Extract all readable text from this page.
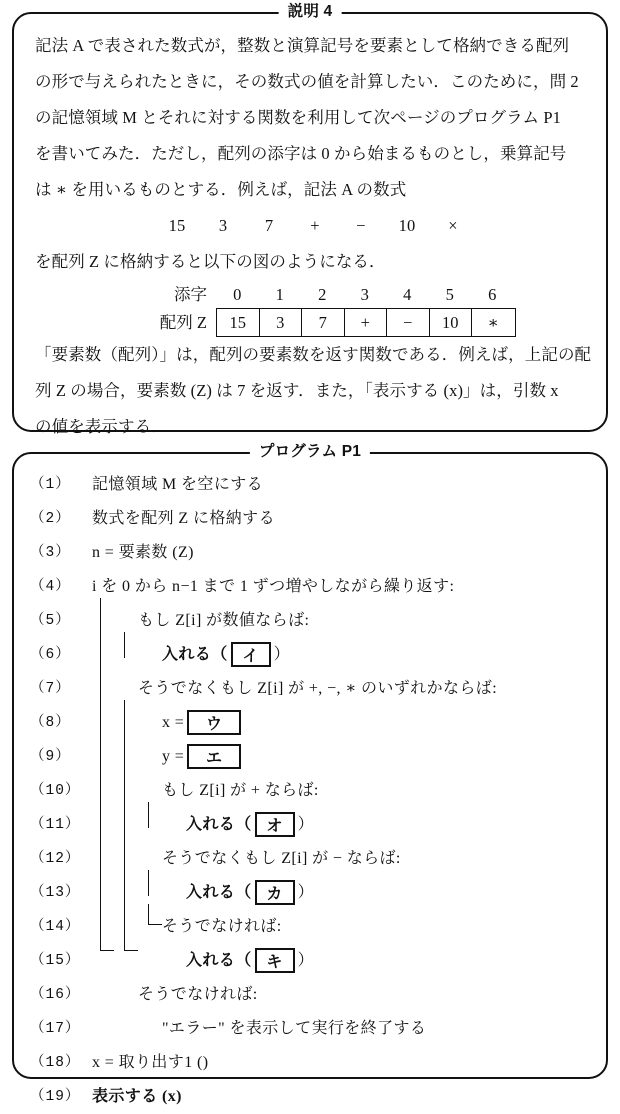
説明 4
記法 A で表された数式が，整数と演算記号を要素として格納できる配列
の形で与えられたときに，その数式の値を計算したい．このために，問 2
の記憶領域 M とそれに対する関数を利用して次ページのプログラム P1
を書いてみた．ただし，配列の添字は 0 から始まるものとし，乗算記号
は ∗ を用いるものとする．例えば，記法 A の数式
15 3 7 + − 10 ×
を配列 Z に格納すると以下の図のようになる．
添字	0	1	2	3	4	5	6
配列 Z	15	3	7	+	−	10	∗
「要素数（配列）」は，配列の要素数を返す関数である．例えば，上記の配
列 Z の場合，要素数 (Z) は 7 を返す．また，「表示する (x)」は，引数 x
の値を表示する．
プログラム P1
（1）	記憶領域 M を空にする
（2）	数式を配列 Z に格納する
（3）	n = 要素数 (Z)
（4）	i を 0 から n−1 まで 1 ずつ増やしながら繰り返す:
（5）	もし Z[i] が数値ならば:
（6）	入れる（ イ ）
（7）	そうでなくもし Z[i] が +, −, ∗ のいずれかならば:
（8）	x = ウ
（9）	y = エ
（10）	もし Z[i] が + ならば:
（11）	入れる（ オ ）
（12）	そうでなくもし Z[i] が − ならば:
（13）	入れる（ カ ）
（14）	そうでなければ:
（15）	入れる（ キ ）
（16）	そうでなければ:
（17）	"エラー" を表示して実行を終了する
（18） x = 取り出す1 ()
（19） 表示する (x)
